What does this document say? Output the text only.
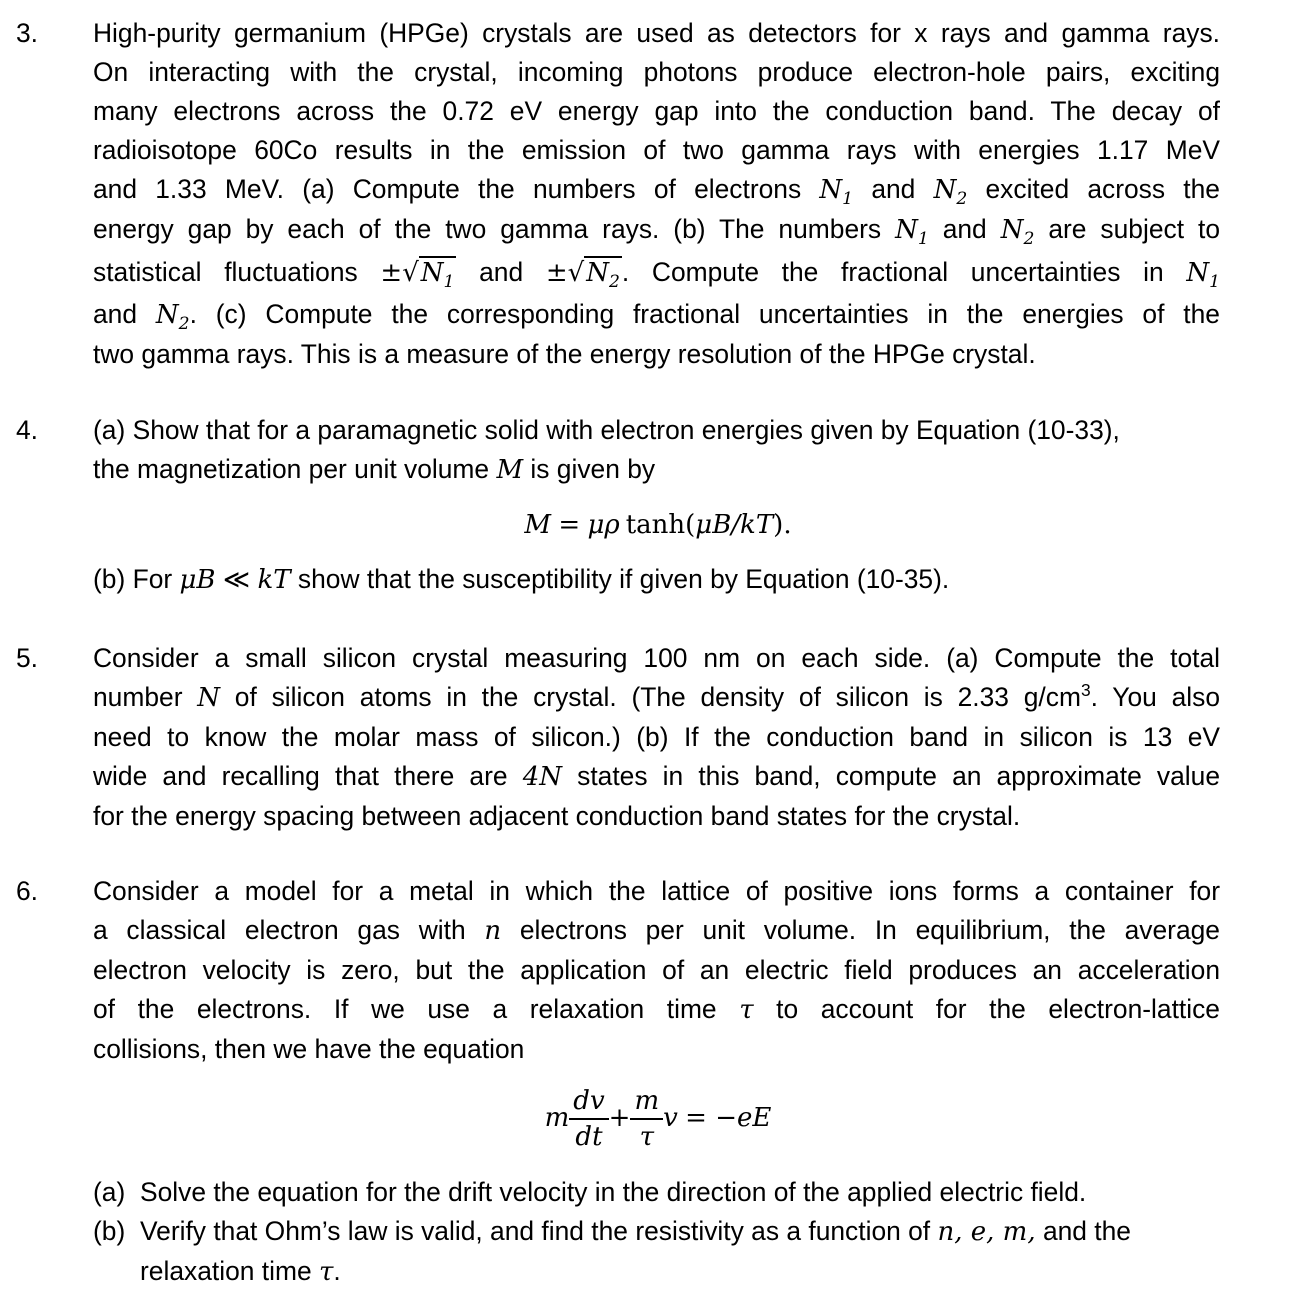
3. High-purity germanium (HPGe) crystals are used as detectors for x rays and gamma rays.
On interacting with the crystal, incoming photons produce electron-hole pairs, exciting
many electrons across the 0.72 eV energy gap into the conduction band. The decay of
radioisotope 60Co results in the emission of two gamma rays with energies 1.17 MeV
and 1.33 MeV. (a) Compute the numbers of electrons $N_1$ and $N_2$ excited across the
energy gap by each of the two gamma rays. (b) The numbers $N_1$ and $N_2$ are subject to
statistical fluctuations $\pm√N_1$ and $\pm√N_2$. Compute the fractional uncertainties in $N_1$
and $N_2$. (c) Compute the corresponding fractional uncertainties in the energies of the
two gamma rays. This is a measure of the energy resolution of the HPGe crystal.
4. (a) Show that for a paramagnetic solid with electron energies given by Equation (10-33),
the magnetization per unit volume M is given by
M = μρ tanh(μB/kT).
(b) For μB ≪ kT show that the susceptibility if given by Equation (10-35).
5. Consider a small silicon crystal measuring 100 nm on each side. (a) Compute the total
number N of silicon atoms in the crystal. (The density of silicon is 2.33 $g/cm^3$. You also
need to know the molar mass of silicon.) (b) If the conduction band in silicon is 13 eV
wide and recalling that there are 4N states in this band, compute an approximate value
for the energy spacing between adjacent conduction band states for the crystal.
6. Consider a model for a metal in which the lattice of positive ions forms a container for
a classical electron gas with n electrons per unit volume. In equilibrium, the average
electron velocity is zero, but the application of an electric field produces an acceleration
of the electrons. If we use a relaxation time τ to account for the electron-lattice
collisions, then we have the equation
m $\frac{dv}{dt} + \frac{m}{\tau}$ v = −eE
(a) Solve the equation for the drift velocity in the direction of the applied electric field.
(b) Verify that Ohm’s law is valid, and find the resistivity as a function of n, e, m, and the
relaxation time τ.
